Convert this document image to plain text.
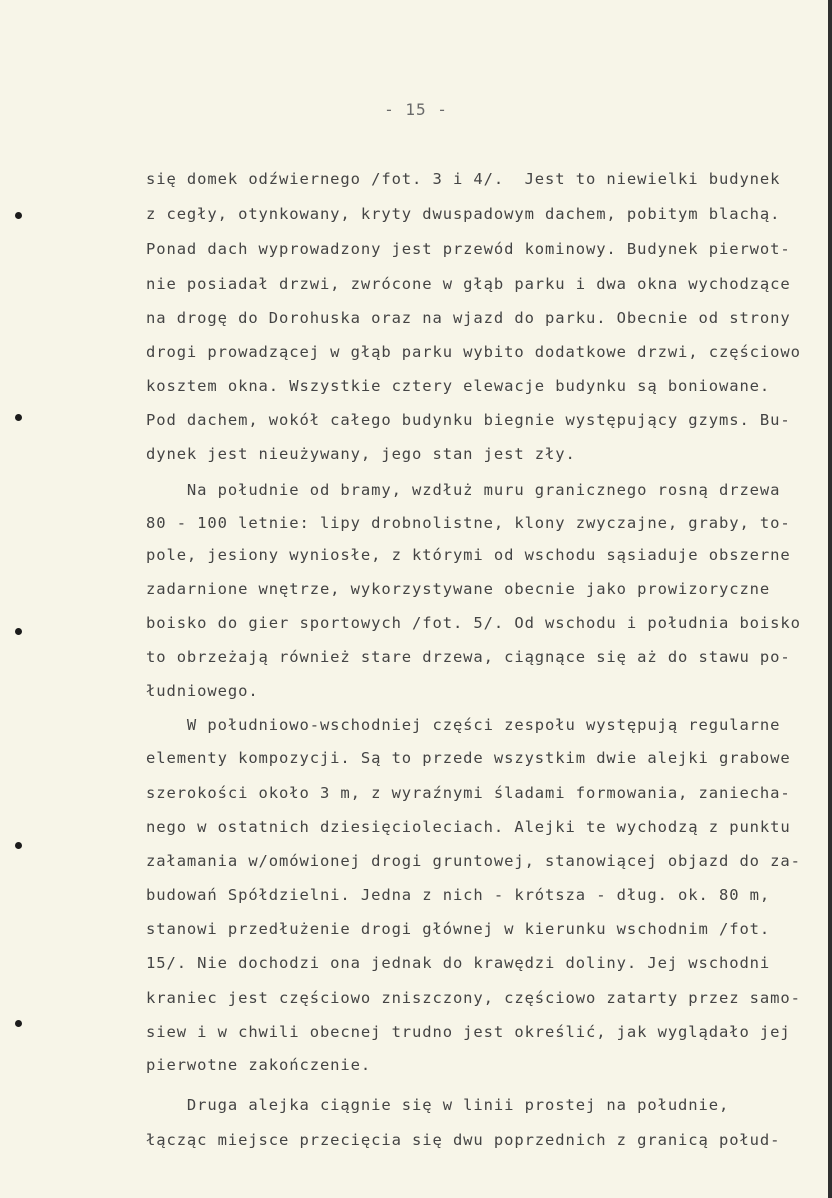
- 15 -
się domek odźwiernego /fot. 3 i 4/.  Jest to niewielki budynek
z cegły, otynkowany, kryty dwuspadowym dachem, pobitym blachą.
Ponad dach wyprowadzony jest przewód kominowy. Budynek pierwot-
nie posiadał drzwi, zwrócone w głąb parku i dwa okna wychodzące
na drogę do Dorohuska oraz na wjazd do parku. Obecnie od strony
drogi prowadzącej w głąb parku wybito dodatkowe drzwi, częściowo
kosztem okna. Wszystkie cztery elewacje budynku są boniowane.
Pod dachem, wokół całego budynku biegnie występujący gzyms. Bu-
dynek jest nieużywany, jego stan jest zły.
Na południe od bramy, wzdłuż muru granicznego rosną drzewa
80 - 100 letnie: lipy drobnolistne, klony zwyczajne, graby, to-
pole, jesiony wyniosłe, z którymi od wschodu sąsiaduje obszerne
zadarnione wnętrze, wykorzystywane obecnie jako prowizoryczne
boisko do gier sportowych /fot. 5/. Od wschodu i południa boisko
to obrzeżają również stare drzewa, ciągnące się aż do stawu po-
łudniowego.
W południowo-wschodniej części zespołu występują regularne
elementy kompozycji. Są to przede wszystkim dwie alejki grabowe
szerokości około 3 m, z wyraźnymi śladami formowania, zaniecha-
nego w ostatnich dziesięcioleciach. Alejki te wychodzą z punktu
załamania w/omówionej drogi gruntowej, stanowiącej objazd do za-
budowań Spółdzielni. Jedna z nich - krótsza - dług. ok. 80 m,
stanowi przedłużenie drogi głównej w kierunku wschodnim /fot.
15/. Nie dochodzi ona jednak do krawędzi doliny. Jej wschodni
kraniec jest częściowo zniszczony, częściowo zatarty przez samo-
siew i w chwili obecnej trudno jest określić, jak wyglądało jej
pierwotne zakończenie.
Druga alejka ciągnie się w linii prostej na południe,
łącząc miejsce przecięcia się dwu poprzednich z granicą połud-
